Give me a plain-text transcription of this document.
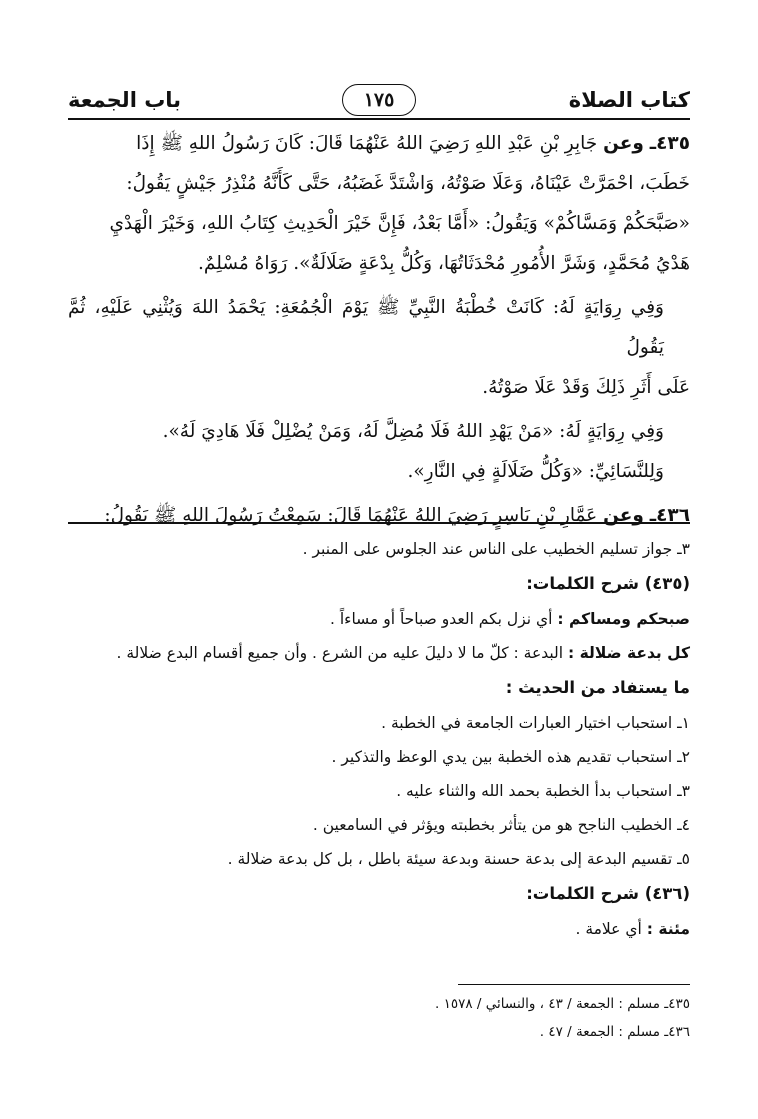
كتاب الصلاة
١٧٥
باب الجمعة

٤٣٥ـ وعن جَابِرِ بْنِ عَبْدِ اللهِ رَضِيَ اللهُ عَنْهُمَا قَالَ: كَانَ رَسُولُ اللهِ ﷺ إِذَا

خَطَبَ، احْمَرَّتْ عَيْنَاهُ، وَعَلَا صَوْتُهُ، وَاشْتَدَّ غَضَبُهُ، حَتَّى كَأَنَّهُ مُنْذِرُ جَيْشٍ يَقُولُ:

«صَبَّحَكُمْ وَمَسَّاكُمْ» وَيَقُولُ: «أَمَّا بَعْدُ، فَإِنَّ خَيْرَ الْحَدِيثِ كِتَابُ اللهِ، وَخَيْرَ الْهَدْيِ

هَدْيُ مُحَمَّدٍ، وَشَرَّ الأُمُورِ مُحْدَثَاتُهَا، وَكُلُّ بِدْعَةٍ ضَلَالَةٌ». رَوَاهُ مُسْلِمٌ.

وَفِي رِوَايَةٍ لَهُ: كَانَتْ خُطْبَةُ النَّبِيِّ ﷺ يَوْمَ الْجُمُعَةِ: يَحْمَدُ اللهَ وَيُثْنِي عَلَيْهِ، ثُمَّ يَقُولُ

عَلَى أَثَرِ ذَلِكَ وَقَدْ عَلَا صَوْتُهُ.

وَفِي رِوَايَةٍ لَهُ: «مَنْ يَهْدِ اللهُ فَلَا مُضِلَّ لَهُ، وَمَنْ يُضْلِلْ فَلَا هَادِيَ لَهُ».

وَلِلنَّسَائِيِّ: «وَكُلُّ ضَلَالَةٍ فِي النَّارِ».

٤٣٦ـ وعن عَمَّارِ بْنِ يَاسِرٍ رَضِيَ اللهُ عَنْهُمَا قَالَ: سَمِعْتُ رَسُولَ اللهِ ﷺ يَقُولُ:

٣ـ جواز تسليم الخطيب على الناس عند الجلوس على المنبر .

(٤٣٥) شرح الكلمات:

صبحكم ومساكم : أي نزل بكم العدو صباحاً أو مساءاً .

كل بدعة ضلالة : البدعة : كلّ ما لا دليلَ عليه من الشرع . وأن جميع أقسام البدع ضلالة .

ما يستفاد من الحديث :

١ـ استحباب اختيار العبارات الجامعة في الخطبة .

٢ـ استحباب تقديم هذه الخطبة بين يدي الوعظ والتذكير .

٣ـ استحباب بدأ الخطبة بحمد الله والثناء عليه .

٤ـ الخطيب الناجح هو من يتأثر بخطبته ويؤثر في السامعين .

٥ـ تقسيم البدعة إلى بدعة حسنة وبدعة سيئة باطل ، بل كل بدعة ضلالة .

(٤٣٦) شرح الكلمات:

مئنة : أي علامة .

٤٣٥ـ مسلم : الجمعة / ٤٣ ، والنسائي / ١٥٧٨ .

٤٣٦ـ مسلم : الجمعة / ٤٧ .
